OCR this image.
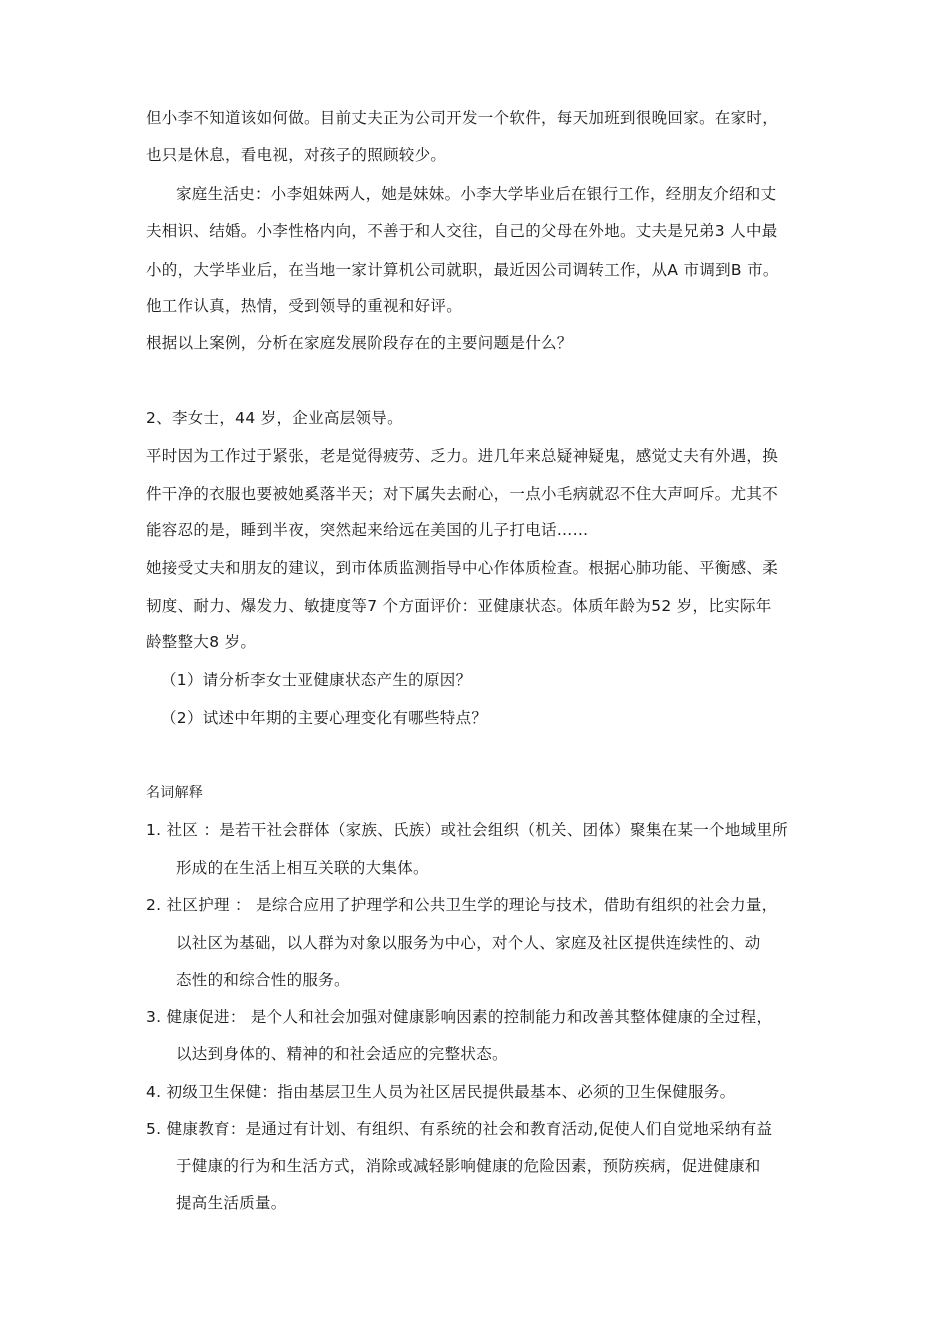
但小李不知道该如何做。目前丈夫正为公司开发一个软件，每天加班到很晚回家。在家时，
也只是休息，看电视，对孩子的照顾较少。
家庭生活史：小李姐妹两人，她是妹妹。小李大学毕业后在银行工作，经朋友介绍和丈
夫相识、结婚。小李性格内向，不善于和人交往，自己的父母在外地。丈夫是兄弟3 人中最
小的，大学毕业后，在当地一家计算机公司就职，最近因公司调转工作，从A 市调到B 市。
他工作认真，热情，受到领导的重视和好评。
根据以上案例，分析在家庭发展阶段存在的主要问题是什么？
2、李女士，44 岁，企业高层领导。
平时因为工作过于紧张，老是觉得疲劳、乏力。进几年来总疑神疑鬼，感觉丈夫有外遇，换
件干净的衣服也要被她奚落半天；对下属失去耐心，一点小毛病就忍不住大声呵斥。尤其不
能容忍的是，睡到半夜，突然起来给远在美国的儿子打电话……
她接受丈夫和朋友的建议，到市体质监测指导中心作体质检查。根据心肺功能、平衡感、柔
韧度、耐力、爆发力、敏捷度等7 个方面评价：亚健康状态。体质年龄为52 岁，比实际年
龄整整大8 岁。
（1）请分析李女士亚健康状态产生的原因？
（2）试述中年期的主要心理变化有哪些特点？
名词解释
1. 社区 ：是若干社会群体（家族、氏族）或社会组织（机关、团体）聚集在某一个地域里所
形成的在生活上相互关联的大集体。
2. 社区护理 ： 是综合应用了护理学和公共卫生学的理论与技术，借助有组织的社会力量，
以社区为基础，以人群为对象以服务为中心，对个人、家庭及社区提供连续性的、动
态性的和综合性的服务。
3. 健康促进： 是个人和社会加强对健康影响因素的控制能力和改善其整体健康的全过程，
以达到身体的、精神的和社会适应的完整状态。
4. 初级卫生保健：指由基层卫生人员为社区居民提供最基本、必须的卫生保健服务。
5. 健康教育：是通过有计划、有组织、有系统的社会和教育活动,促使人们自觉地采纳有益
于健康的行为和生活方式，消除或减轻影响健康的危险因素，预防疾病，促进健康和
提高生活质量。
